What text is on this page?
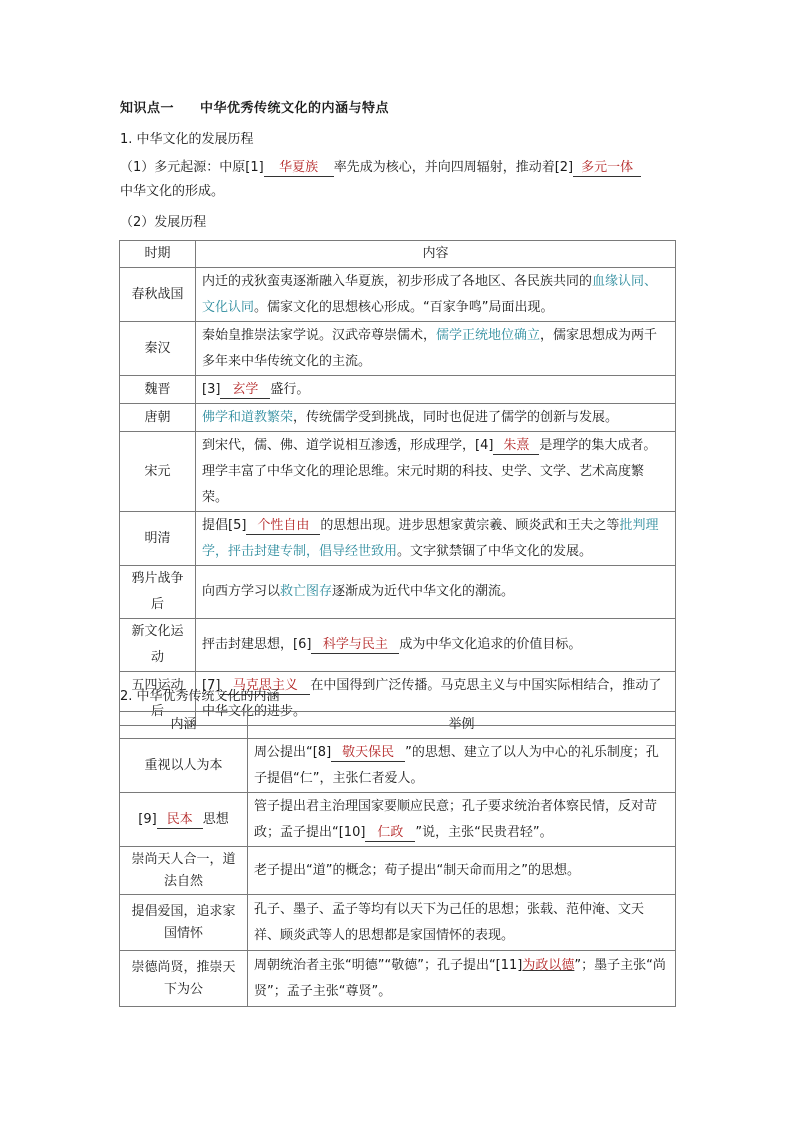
知识点一 中华优秀传统文化的内涵与特点
1. 中华文化的发展历程
（1）多元起源：中原[1] 华夏族 率先成为核心，并向四周辐射，推动着[2] 多元一体
中华文化的形成。
（2）发展历程
时期	内容
春秋战国	内迁的戎狄蛮夷逐渐融入华夏族，初步形成了各地区、各民族共同的血缘认同、文化认同。儒家文化的思想核心形成。“百家争鸣”局面出现。
秦汉	秦始皇推崇法家学说。汉武帝尊崇儒术，儒学正统地位确立，儒家思想成为两千多年来中华传统文化的主流。
魏晋	[3] 玄学 盛行。
唐朝	佛学和道教繁荣，传统儒学受到挑战，同时也促进了儒学的创新与发展。
宋元	到宋代，儒、佛、道学说相互渗透，形成理学，[4] 朱熹 是理学的集大成者。理学丰富了中华文化的理论思维。宋元时期的科技、史学、文学、艺术高度繁荣。
明清	提倡[5] 个性自由 的思想出现。进步思想家黄宗羲、顾炎武和王夫之等批判理学，抨击封建专制，倡导经世致用。文字狱禁锢了中华文化的发展。
鸦片战争后	向西方学习以救亡图存逐渐成为近代中华文化的潮流。
新文化运动	抨击封建思想，[6] 科学与民主 成为中华文化追求的价值目标。
五四运动后	[7] 马克思主义 在中国得到广泛传播。马克思主义与中国实际相结合，推动了中华文化的进步。
2. 中华优秀传统文化的内涵
内涵	举例
重视以人为本	周公提出“[8] 敬天保民 ”的思想、建立了以人为中心的礼乐制度；孔子提倡“仁”，主张仁者爱人。
[9] 民本 思想	管子提出君主治理国家要顺应民意；孔子要求统治者体察民情，反对苛政；孟子提出“[10] 仁政 ”说，主张“民贵君轻”。
崇尚天人合一，道法自然	老子提出“道”的概念；荀子提出“制天命而用之”的思想。
提倡爱国，追求家国情怀	孔子、墨子、孟子等均有以天下为己任的思想；张载、范仲淹、文天祥、顾炎武等人的思想都是家国情怀的表现。
崇德尚贤，推崇天下为公	周朝统治者主张“明德”“敬德”；孔子提出“[11]为政以德”；墨子主张“尚贤”；孟子主张“尊贤”。
